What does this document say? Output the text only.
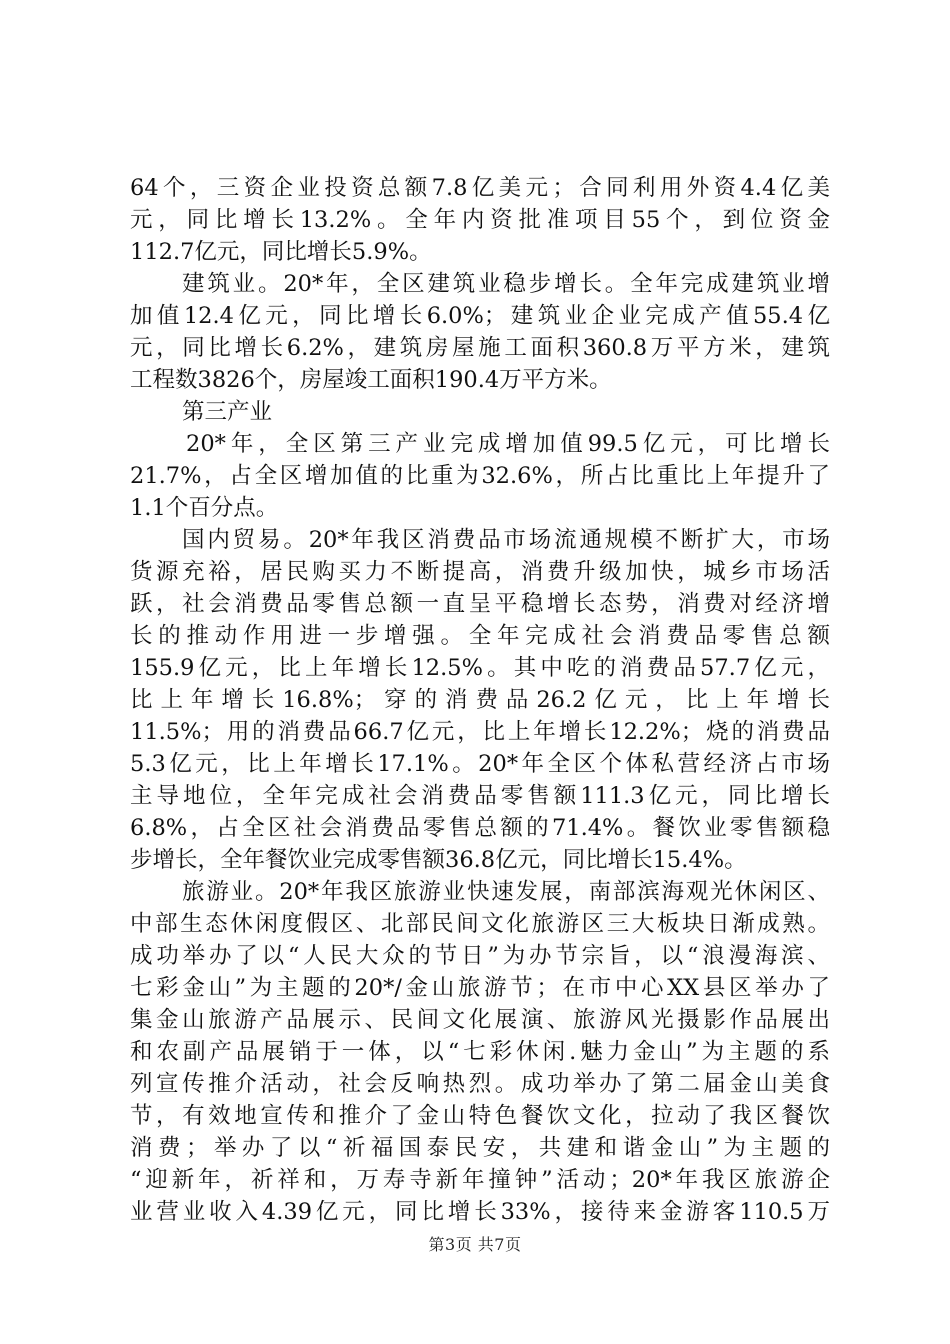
64个，三资企业投资总额7.8亿美元；合同利用外资4.4亿美
元，同比增长13.2%。全年内资批准项目55个，到位资金
112.7亿元，同比增长5.9%。
建筑业。20*年，全区建筑业稳步增长。全年完成建筑业增
加值12.4亿元，同比增长6.0%；建筑业企业完成产值55.4亿
元，同比增长6.2%，建筑房屋施工面积360.8万平方米，建筑
工程数3826个，房屋竣工面积190.4万平方米。
第三产业
20*年，全区第三产业完成增加值99.5亿元，可比增长
21.7%，占全区增加值的比重为32.6%，所占比重比上年提升了
1.1个百分点。
国内贸易。20*年我区消费品市场流通规模不断扩大，市场
货源充裕，居民购买力不断提高，消费升级加快，城乡市场活
跃，社会消费品零售总额一直呈平稳增长态势，消费对经济增
长的推动作用进一步增强。全年完成社会消费品零售总额
155.9亿元，比上年增长12.5%。其中吃的消费品57.7亿元，
比上年增长16.8%；穿的消费品26.2亿元，比上年增长
11.5%；用的消费品66.7亿元，比上年增长12.2%；烧的消费品
5.3亿元，比上年增长17.1%。20*年全区个体私营经济占市场
主导地位，全年完成社会消费品零售额111.3亿元，同比增长
6.8%，占全区社会消费品零售总额的71.4%。餐饮业零售额稳
步增长，全年餐饮业完成零售额36.8亿元，同比增长15.4%。
旅游业。20*年我区旅游业快速发展，南部滨海观光休闲区、
中部生态休闲度假区、北部民间文化旅游区三大板块日渐成熟。
成功举办了以“人民大众的节日”为办节宗旨，以“浪漫海滨、
七彩金山”为主题的20*/金山旅游节；在市中心XX县区举办了
集金山旅游产品展示、民间文化展演、旅游风光摄影作品展出
和农副产品展销于一体，以“七彩休闲.魅力金山”为主题的系
列宣传推介活动，社会反响热烈。成功举办了第二届金山美食
节，有效地宣传和推介了金山特色餐饮文化，拉动了我区餐饮
消费；举办了以“祈福国泰民安，共建和谐金山”为主题的
“迎新年，祈祥和，万寿寺新年撞钟”活动；20*年我区旅游企
业营业收入4.39亿元，同比增长33%，接待来金游客110.5万
第3页 共7页
